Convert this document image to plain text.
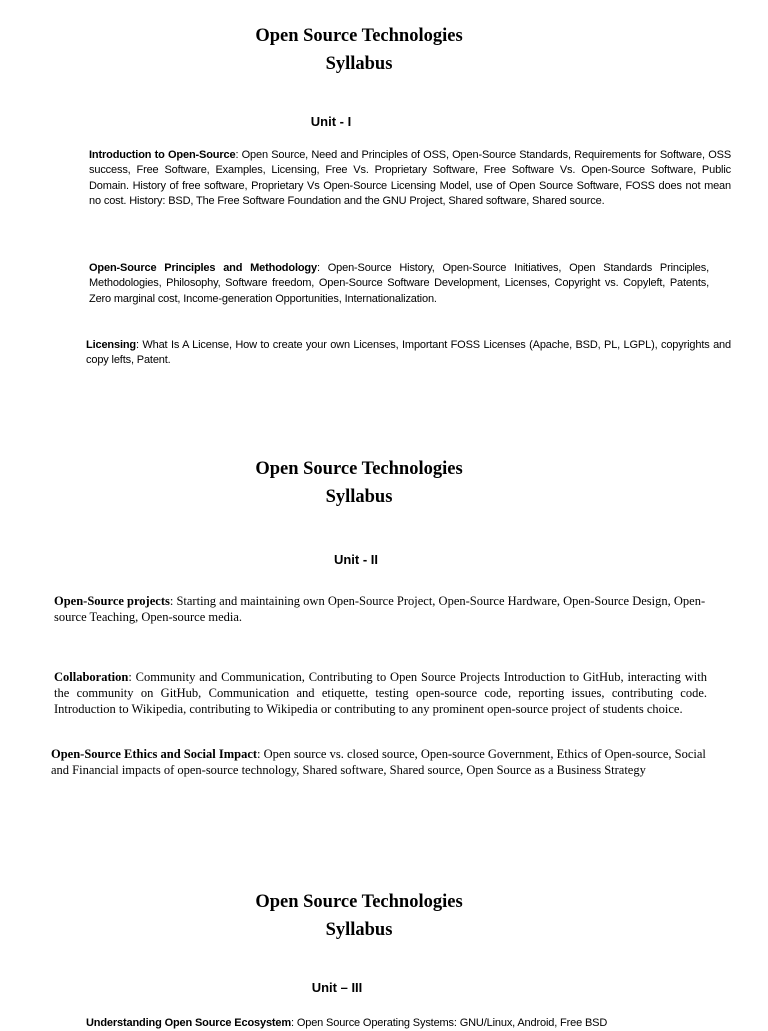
Open Source Technologies
Syllabus
Unit - I
Introduction to Open-Source: Open Source, Need and Principles of OSS, Open-Source Standards, Requirements for Software, OSS success, Free Software, Examples, Licensing, Free Vs. Proprietary Software, Free Software Vs. Open-Source Software, Public Domain. History of free software, Proprietary Vs Open-Source Licensing Model, use of Open Source Software, FOSS does not mean no cost. History: BSD, The Free Software Foundation and the GNU Project, Shared software, Shared source.
Open-Source Principles and Methodology: Open-Source History, Open-Source Initiatives, Open Standards Principles, Methodologies, Philosophy, Software freedom, Open-Source Software Development, Licenses, Copyright vs. Copyleft, Patents, Zero marginal cost, Income-generation Opportunities, Internationalization.
Licensing: What Is A License, How to create your own Licenses, Important FOSS Licenses (Apache, BSD, PL, LGPL), copyrights and copy lefts, Patent.
Open Source Technologies
Syllabus
Unit - II
Open-Source projects: Starting and maintaining own Open-Source Project, Open-Source Hardware, Open-Source Design, Open-source Teaching, Open-source media.
Collaboration: Community and Communication, Contributing to Open Source Projects Introduction to GitHub, interacting with the community on GitHub, Communication and etiquette, testing open-source code, reporting issues, contributing code. Introduction to Wikipedia, contributing to Wikipedia or contributing to any prominent open-source project of students choice.
Open-Source Ethics and Social Impact: Open source vs. closed source, Open-source Government, Ethics of Open-source, Social and Financial impacts of open-source technology, Shared software, Shared source, Open Source as a Business Strategy
Open Source Technologies
Syllabus
Unit – III
Understanding Open Source Ecosystem: Open Source Operating Systems: GNU/Linux, Android, Free BSD
